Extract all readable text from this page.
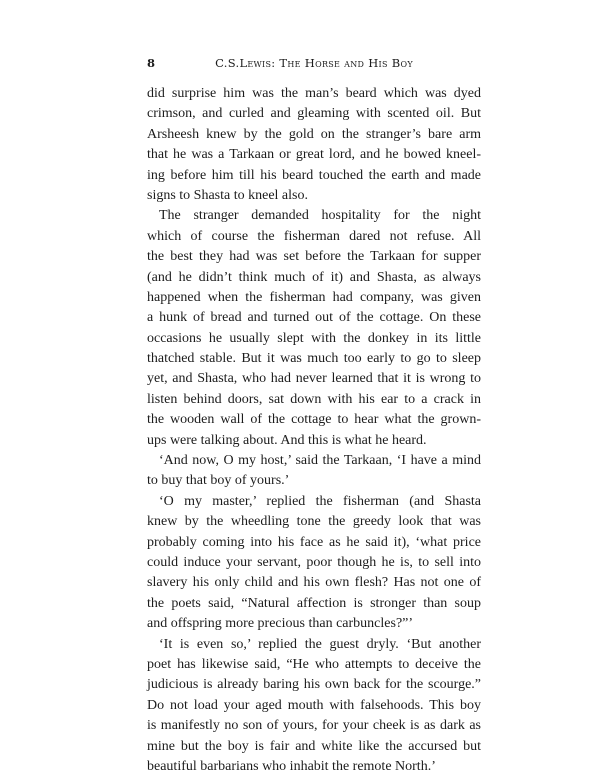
8	C.S.Lewis: The Horse and His Boy
did surprise him was the man’s beard which was dyed
crimson, and curled and gleaming with scented oil. But
Arsheesh knew by the gold on the stranger’s bare arm
that he was a Tarkaan or great lord, and he bowed kneel-
ing before him till his beard touched the earth and made
signs to Shasta to kneel also.
The stranger demanded hospitality for the night
which of course the fisherman dared not refuse. All
the best they had was set before the Tarkaan for supper
(and he didn’t think much of it) and Shasta, as always
happened when the fisherman had company, was given
a hunk of bread and turned out of the cottage. On these
occasions he usually slept with the donkey in its little
thatched stable. But it was much too early to go to sleep
yet, and Shasta, who had never learned that it is wrong to
listen behind doors, sat down with his ear to a crack in
the wooden wall of the cottage to hear what the grown-
ups were talking about. And this is what he heard.
‘And now, O my host,’ said the Tarkaan, ‘I have a mind
to buy that boy of yours.’
‘O my master,’ replied the fisherman (and Shasta
knew by the wheedling tone the greedy look that was
probably coming into his face as he said it), ‘what price
could induce your servant, poor though he is, to sell into
slavery his only child and his own flesh? Has not one of
the poets said, “Natural affection is stronger than soup
and offspring more precious than carbuncles?”’
‘It is even so,’ replied the guest dryly. ‘But another
poet has likewise said, “He who attempts to deceive the
judicious is already baring his own back for the scourge.”
Do not load your aged mouth with falsehoods. This boy
is manifestly no son of yours, for your cheek is as dark as
mine but the boy is fair and white like the accursed but
beautiful barbarians who inhabit the remote North.’
